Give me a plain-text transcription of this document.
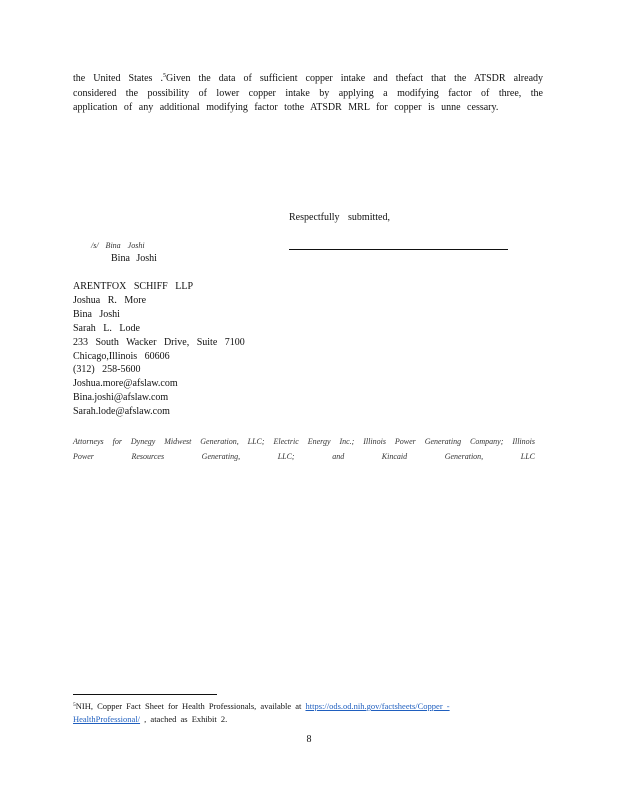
the United States .$^5$Given the data of sufficient copper intake and thefact that the ATSDR already considered the possibility of lower copper intake by applying a modifying factor of three, the application of any additional modifying factor tothe ATSDR MRL for copper is unne cessary.
Respectfully submitted,
/s/ Bina Joshi
Bina Joshi
ARENTFOX SCHIFF LLP
Joshua R. More
Bina Joshi
Sarah L. Lode
233 South Wacker Drive, Suite 7100
Chicago,Illinois 60606
(312) 258-5600
Joshua.more@afslaw.com
Bina.joshi@afslaw.com
Sarah.lode@afslaw.com
Attorneys for Dynegy Midwest Generation, LLC; Electric Energy Inc.; Illinois Power Generating Company; Illinois Power Resources Generating, LLC; and Kincaid Generation, LLC
$^5$NIH, Copper Fact Sheet for Health Professionals, available at https://ods.od.nih.gov/factsheets/Copper - HealthProfessional/ , atached as Exhibit 2.
8
